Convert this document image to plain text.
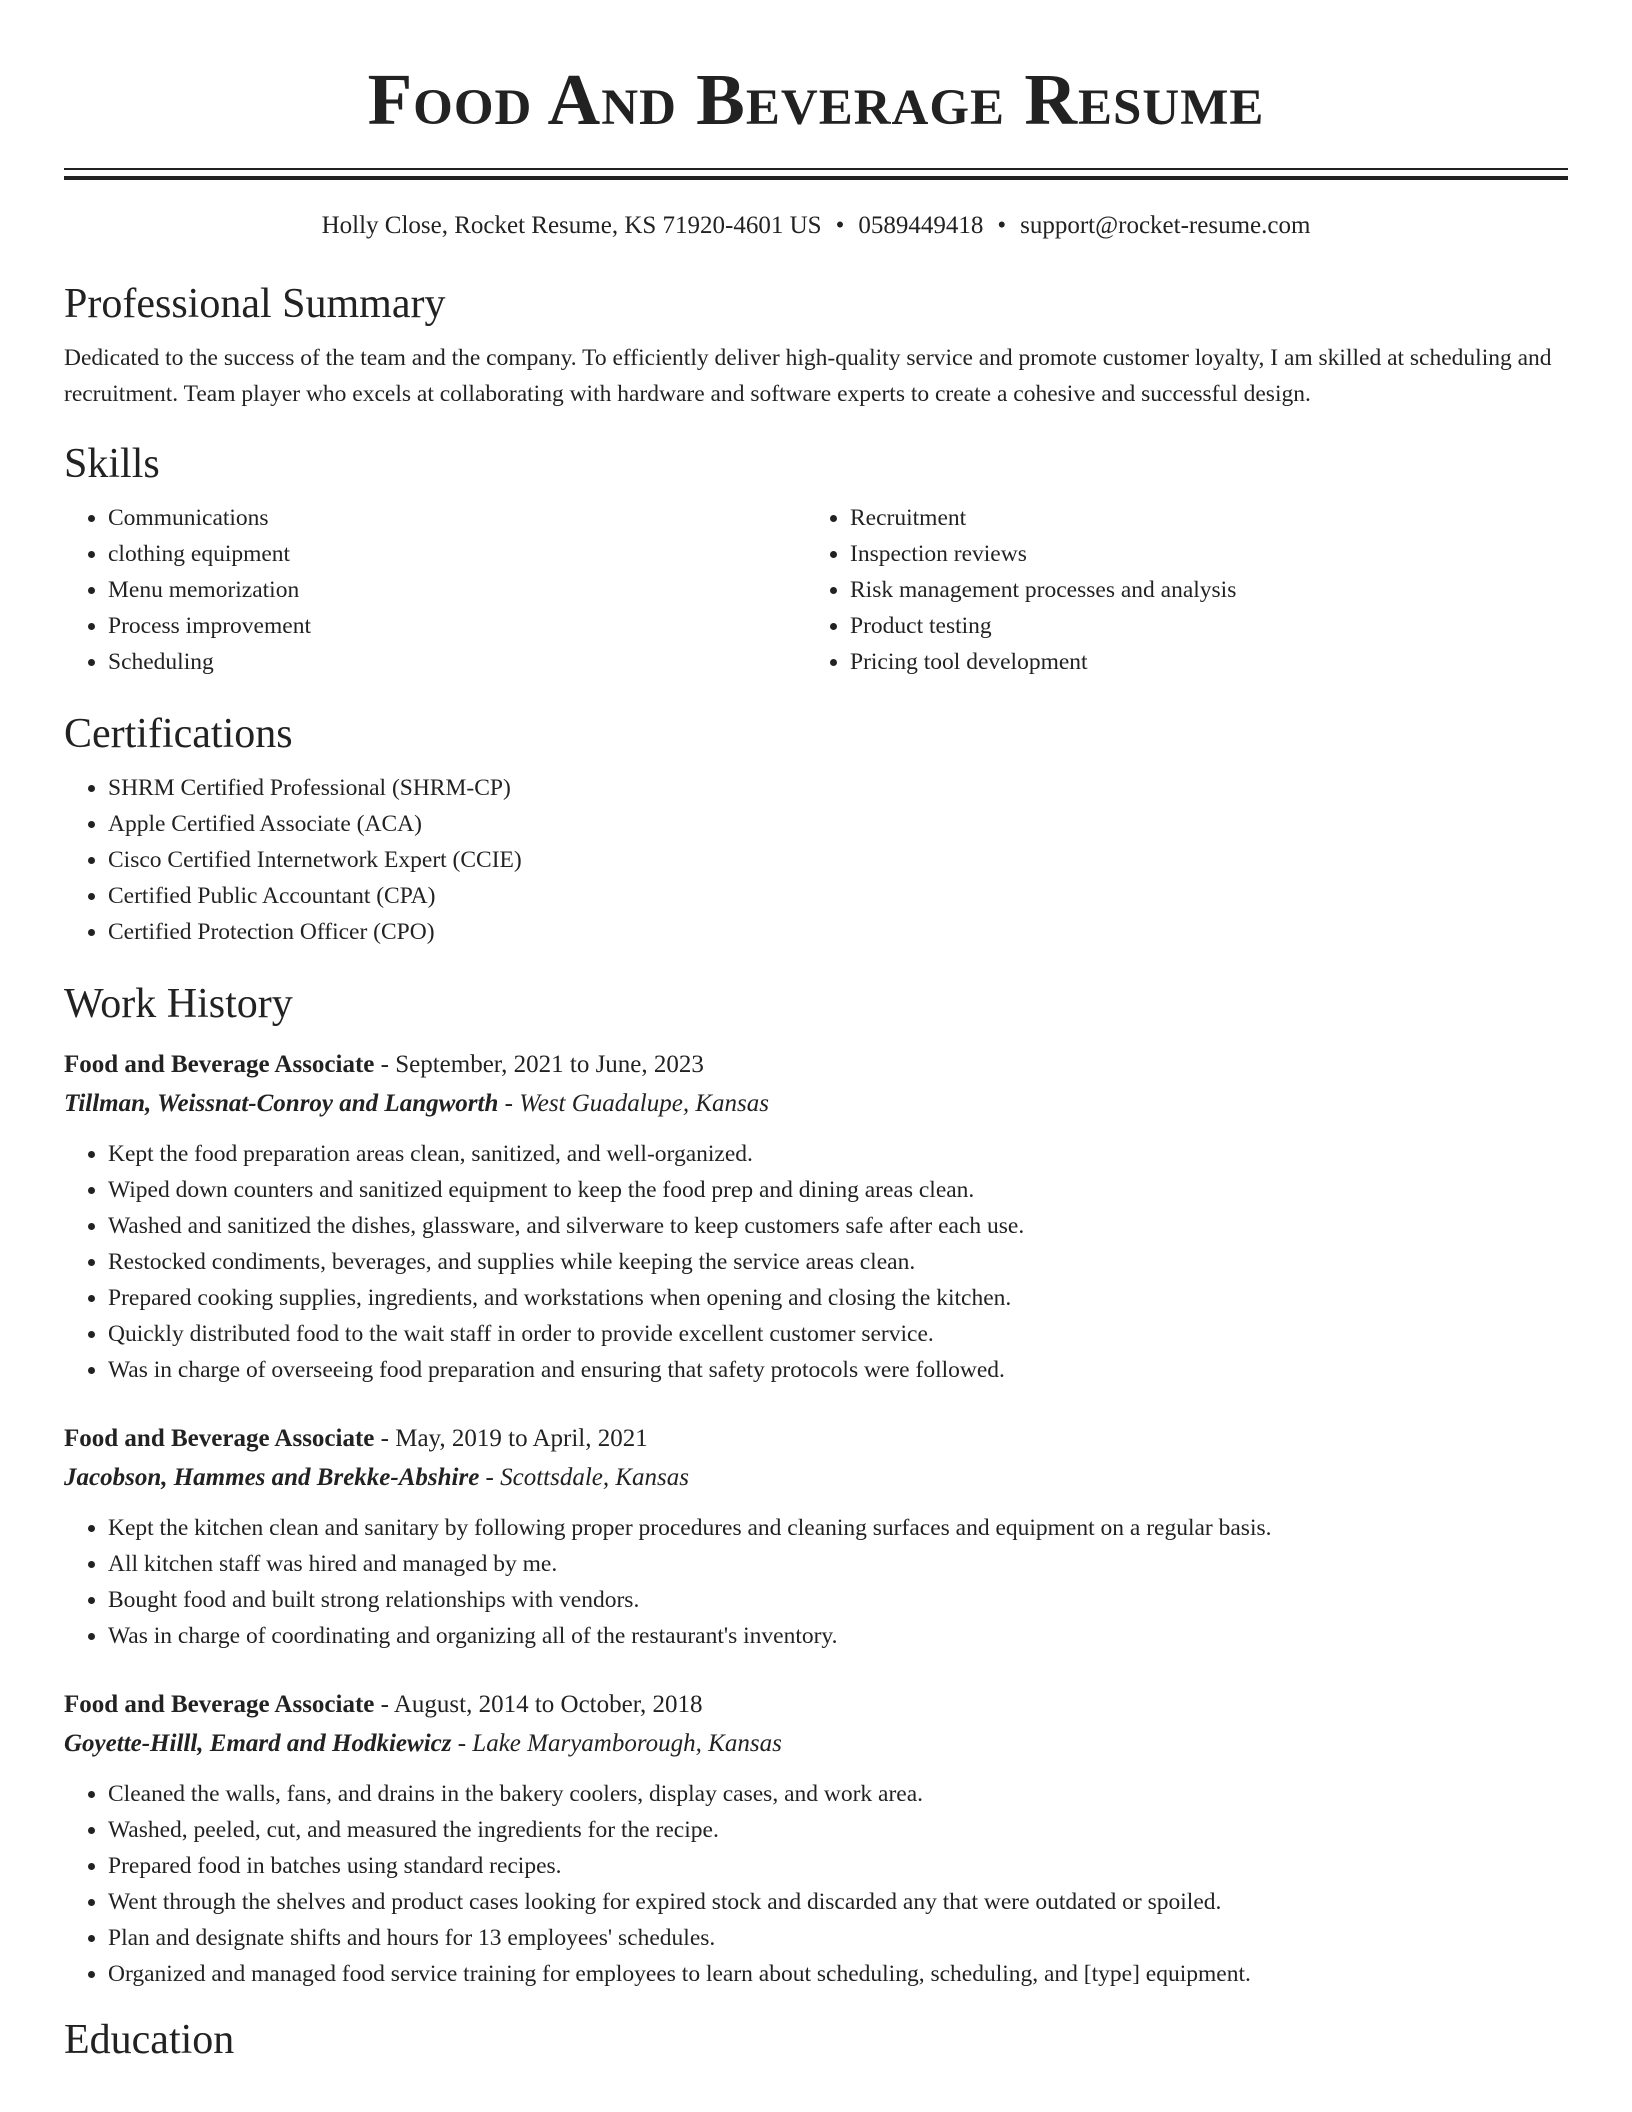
Food And Beverage Resume
Holly Close, Rocket Resume, KS 71920-4601 US • 0589449418 • support@rocket-resume.com
Professional Summary

Dedicated to the success of the team and the company. To efficiently deliver high-quality service and promote customer loyalty, I am skilled at scheduling and recruitment. Team player who excels at collaborating with hardware and software experts to create a cohesive and successful design.

Skills
• Communications
• clothing equipment
• Menu memorization
• Process improvement
• Scheduling
• Recruitment
• Inspection reviews
• Risk management processes and analysis
• Product testing
• Pricing tool development
Certifications
• SHRM Certified Professional (SHRM-CP)
• Apple Certified Associate (ACA)
• Cisco Certified Internetwork Expert (CCIE)
• Certified Public Accountant (CPA)
• Certified Protection Officer (CPO)
Work History
Food and Beverage Associate - September, 2021 to June, 2023
Tillman, Weissnat-Conroy and Langworth - West Guadalupe, Kansas
• Kept the food preparation areas clean, sanitized, and well-organized.
• Wiped down counters and sanitized equipment to keep the food prep and dining areas clean.
• Washed and sanitized the dishes, glassware, and silverware to keep customers safe after each use.
• Restocked condiments, beverages, and supplies while keeping the service areas clean.
• Prepared cooking supplies, ingredients, and workstations when opening and closing the kitchen.
• Quickly distributed food to the wait staff in order to provide excellent customer service.
• Was in charge of overseeing food preparation and ensuring that safety protocols were followed.
Food and Beverage Associate - May, 2019 to April, 2021
Jacobson, Hammes and Brekke-Abshire - Scottsdale, Kansas
• Kept the kitchen clean and sanitary by following proper procedures and cleaning surfaces and equipment on a regular basis.
• All kitchen staff was hired and managed by me.
• Bought food and built strong relationships with vendors.
• Was in charge of coordinating and organizing all of the restaurant's inventory.
Food and Beverage Associate - August, 2014 to October, 2018
Goyette-Hilll, Emard and Hodkiewicz - Lake Maryamborough, Kansas
• Cleaned the walls, fans, and drains in the bakery coolers, display cases, and work area.
• Washed, peeled, cut, and measured the ingredients for the recipe.
• Prepared food in batches using standard recipes.
• Went through the shelves and product cases looking for expired stock and discarded any that were outdated or spoiled.
• Plan and designate shifts and hours for 13 employees' schedules.
• Organized and managed food service training for employees to learn about scheduling, scheduling, and [type] equipment.
Education
